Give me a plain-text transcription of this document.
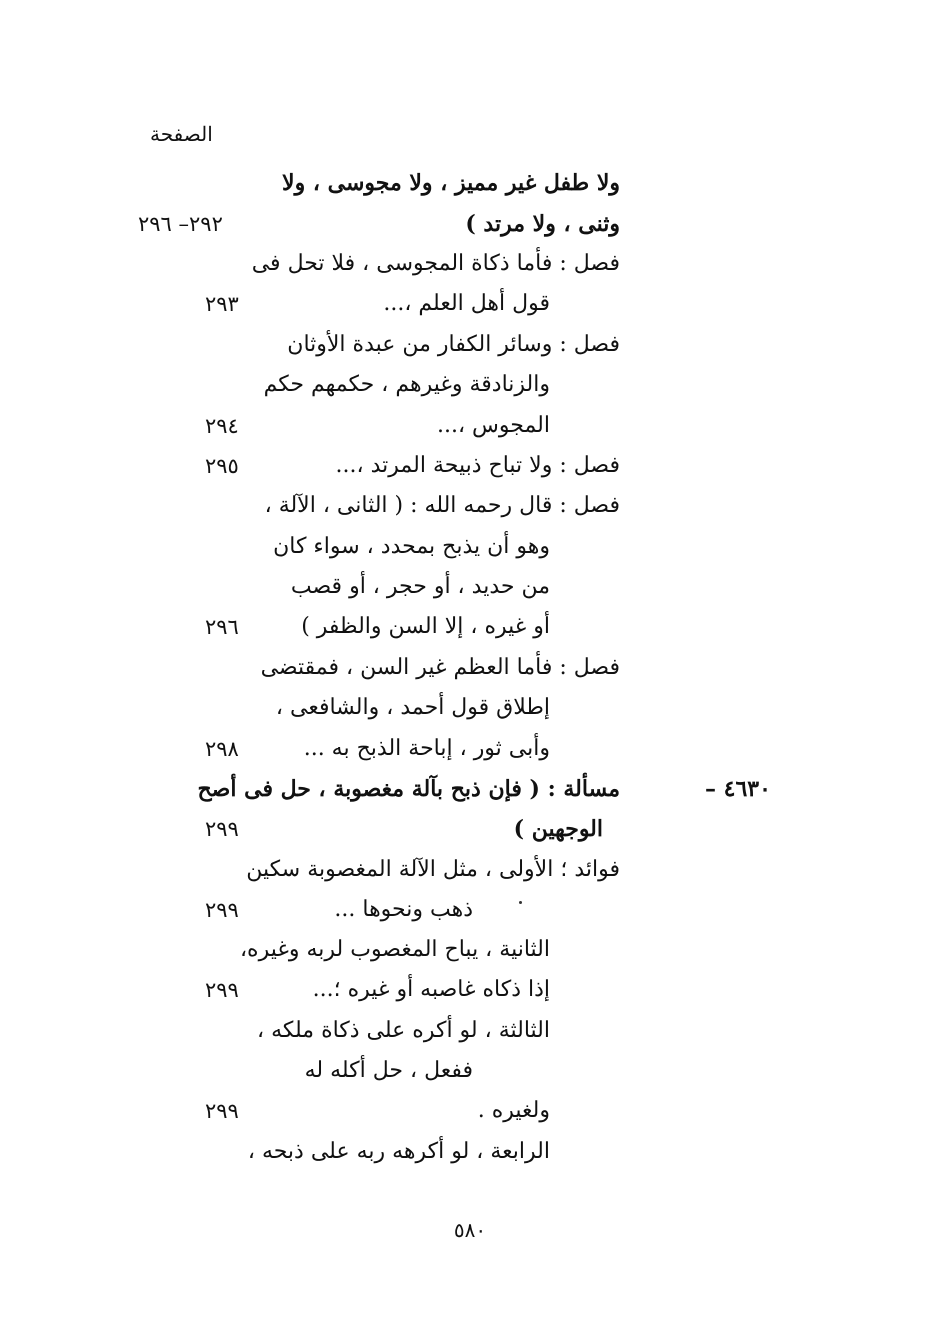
الصفحة
ولا طفل غير مميز ، ولا مجوسى ، ولا
وثنى ، ولا مرتد )
فصل : فأما ذكاة المجوسى ، فلا تحل فى
قول أهل العلم ،...
فصل : وسائر الكفار من عبدة الأوثان
والزنادقة وغيرهم ، حكمهم حكم
المجوس ،...
فصل : ولا تباح ذبيحة المرتد ،...
فصل : قال رحمه الله : ( الثانى ، الآلة ،
وهو أن يذبح بمحدد ، سواء كان
من حديد ، أو حجر ، أو قصب
أو غيره ، إلا السن والظفر )
فصل : فأما العظم غير السن ، فمقتضى
إطلاق قول أحمد ، والشافعى ،
وأبى ثور ، إباحة الذبح به ...
مسألة : ( فإن ذبح بآلة مغصوبة ، حل فى أصح
الوجهين )
فوائد ؛ الأولى ، مثل الآلة المغصوبة سكين
ذهب ونحوها ...
الثانية ، يباح المغصوب لربه وغيره،
إذا ذكاه غاصبه أو غيره ؛...
الثالثة ، لو أكره على ذكاة ملكه ،
ففعل ، حل أكله له
ولغيره .
الرابعة ، لو أكرهه ربه على ذبحه ،
٤٦٣٠ –
٢٩٢– ٢٩٦
٢٩٣
٢٩٤
٢٩٥
٢٩٦
٢٩٨
٢٩٩
٢٩٩
٢٩٩
٢٩٩
٥٨٠
